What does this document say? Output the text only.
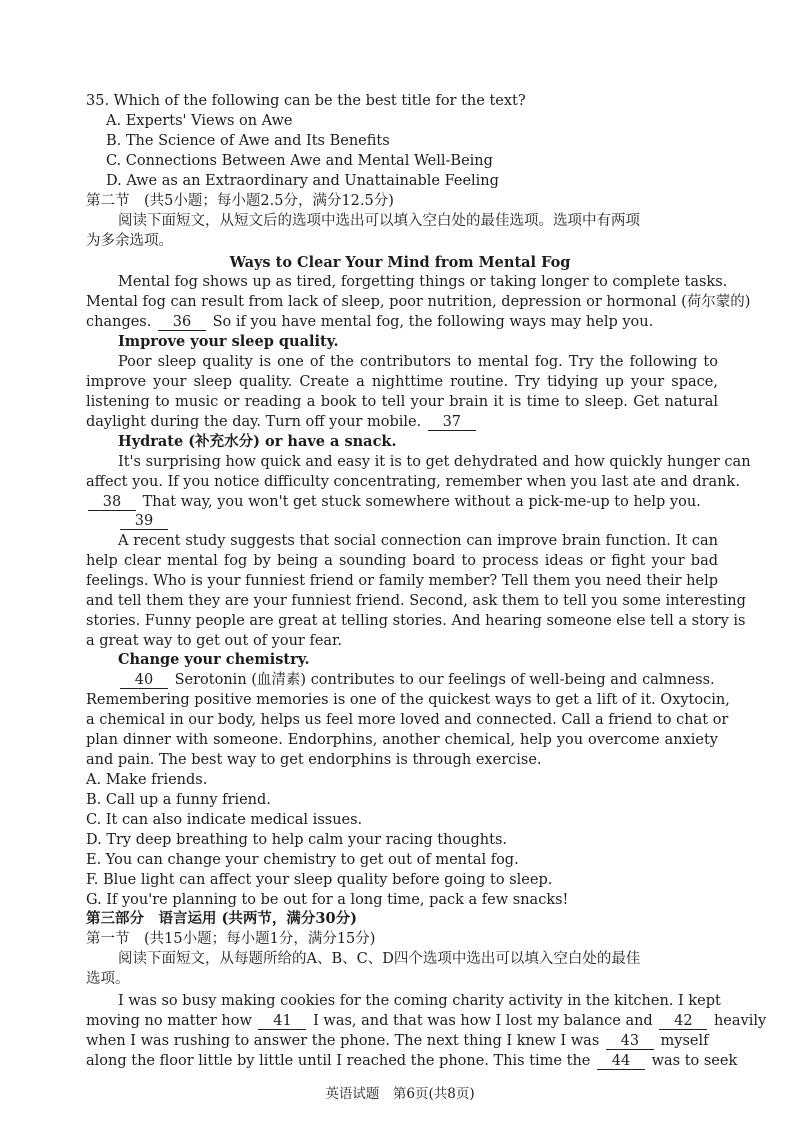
35. Which of the following can be the best title for the text?
A. Experts' Views on Awe
B. The Science of Awe and Its Benefits
C. Connections Between Awe and Mental Well-Being
D. Awe as an Extraordinary and Unattainable Feeling
第二节 (共5小题；每小题2.5分，满分12.5分)
阅读下面短文，从短文后的选项中选出可以填入空白处的最佳选项。选项中有两项
为多余选项。
Ways to Clear Your Mind from Mental Fog
Mental fog shows up as tired, forgetting things or taking longer to complete tasks.
Mental fog can result from lack of sleep, poor nutrition, depression or hormonal (荷尔蒙的)
changes. 36 So if you have mental fog, the following ways may help you.
Improve your sleep quality.
Poor sleep quality is one of the contributors to mental fog. Try the following to
improve your sleep quality. Create a nighttime routine. Try tidying up your space,
listening to music or reading a book to tell your brain it is time to sleep. Get natural
daylight during the day. Turn off your mobile. 37
Hydrate (补充水分) or have a snack.
It's surprising how quick and easy it is to get dehydrated and how quickly hunger can
affect you. If you notice difficulty concentrating, remember when you last ate and drank.
38 That way, you won't get stuck somewhere without a pick-me-up to help you.
39
A recent study suggests that social connection can improve brain function. It can
help clear mental fog by being a sounding board to process ideas or fight your bad
feelings. Who is your funniest friend or family member? Tell them you need their help
and tell them they are your funniest friend. Second, ask them to tell you some interesting
stories. Funny people are great at telling stories. And hearing someone else tell a story is
a great way to get out of your fear.
Change your chemistry.
40 Serotonin (血清素) contributes to our feelings of well-being and calmness.
Remembering positive memories is one of the quickest ways to get a lift of it. Oxytocin,
a chemical in our body, helps us feel more loved and connected. Call a friend to chat or
plan dinner with someone. Endorphins, another chemical, help you overcome anxiety
and pain. The best way to get endorphins is through exercise.
A. Make friends.
B. Call up a funny friend.
C. It can also indicate medical issues.
D. Try deep breathing to help calm your racing thoughts.
E. You can change your chemistry to get out of mental fog.
F. Blue light can affect your sleep quality before going to sleep.
G. If you're planning to be out for a long time, pack a few snacks!
第三部分　语言运用 (共两节，满分30分)
第一节 (共15小题；每小题1分，满分15分)
阅读下面短文，从每题所给的A、B、C、D四个选项中选出可以填入空白处的最佳
选项。
I was so busy making cookies for the coming charity activity in the kitchen. I kept
moving no matter how 41 I was, and that was how I lost my balance and 42 heavily
when I was rushing to answer the phone. The next thing I knew I was 43 myself
along the floor little by little until I reached the phone. This time the 44 was to seek
英语试题　第6页(共8页)
